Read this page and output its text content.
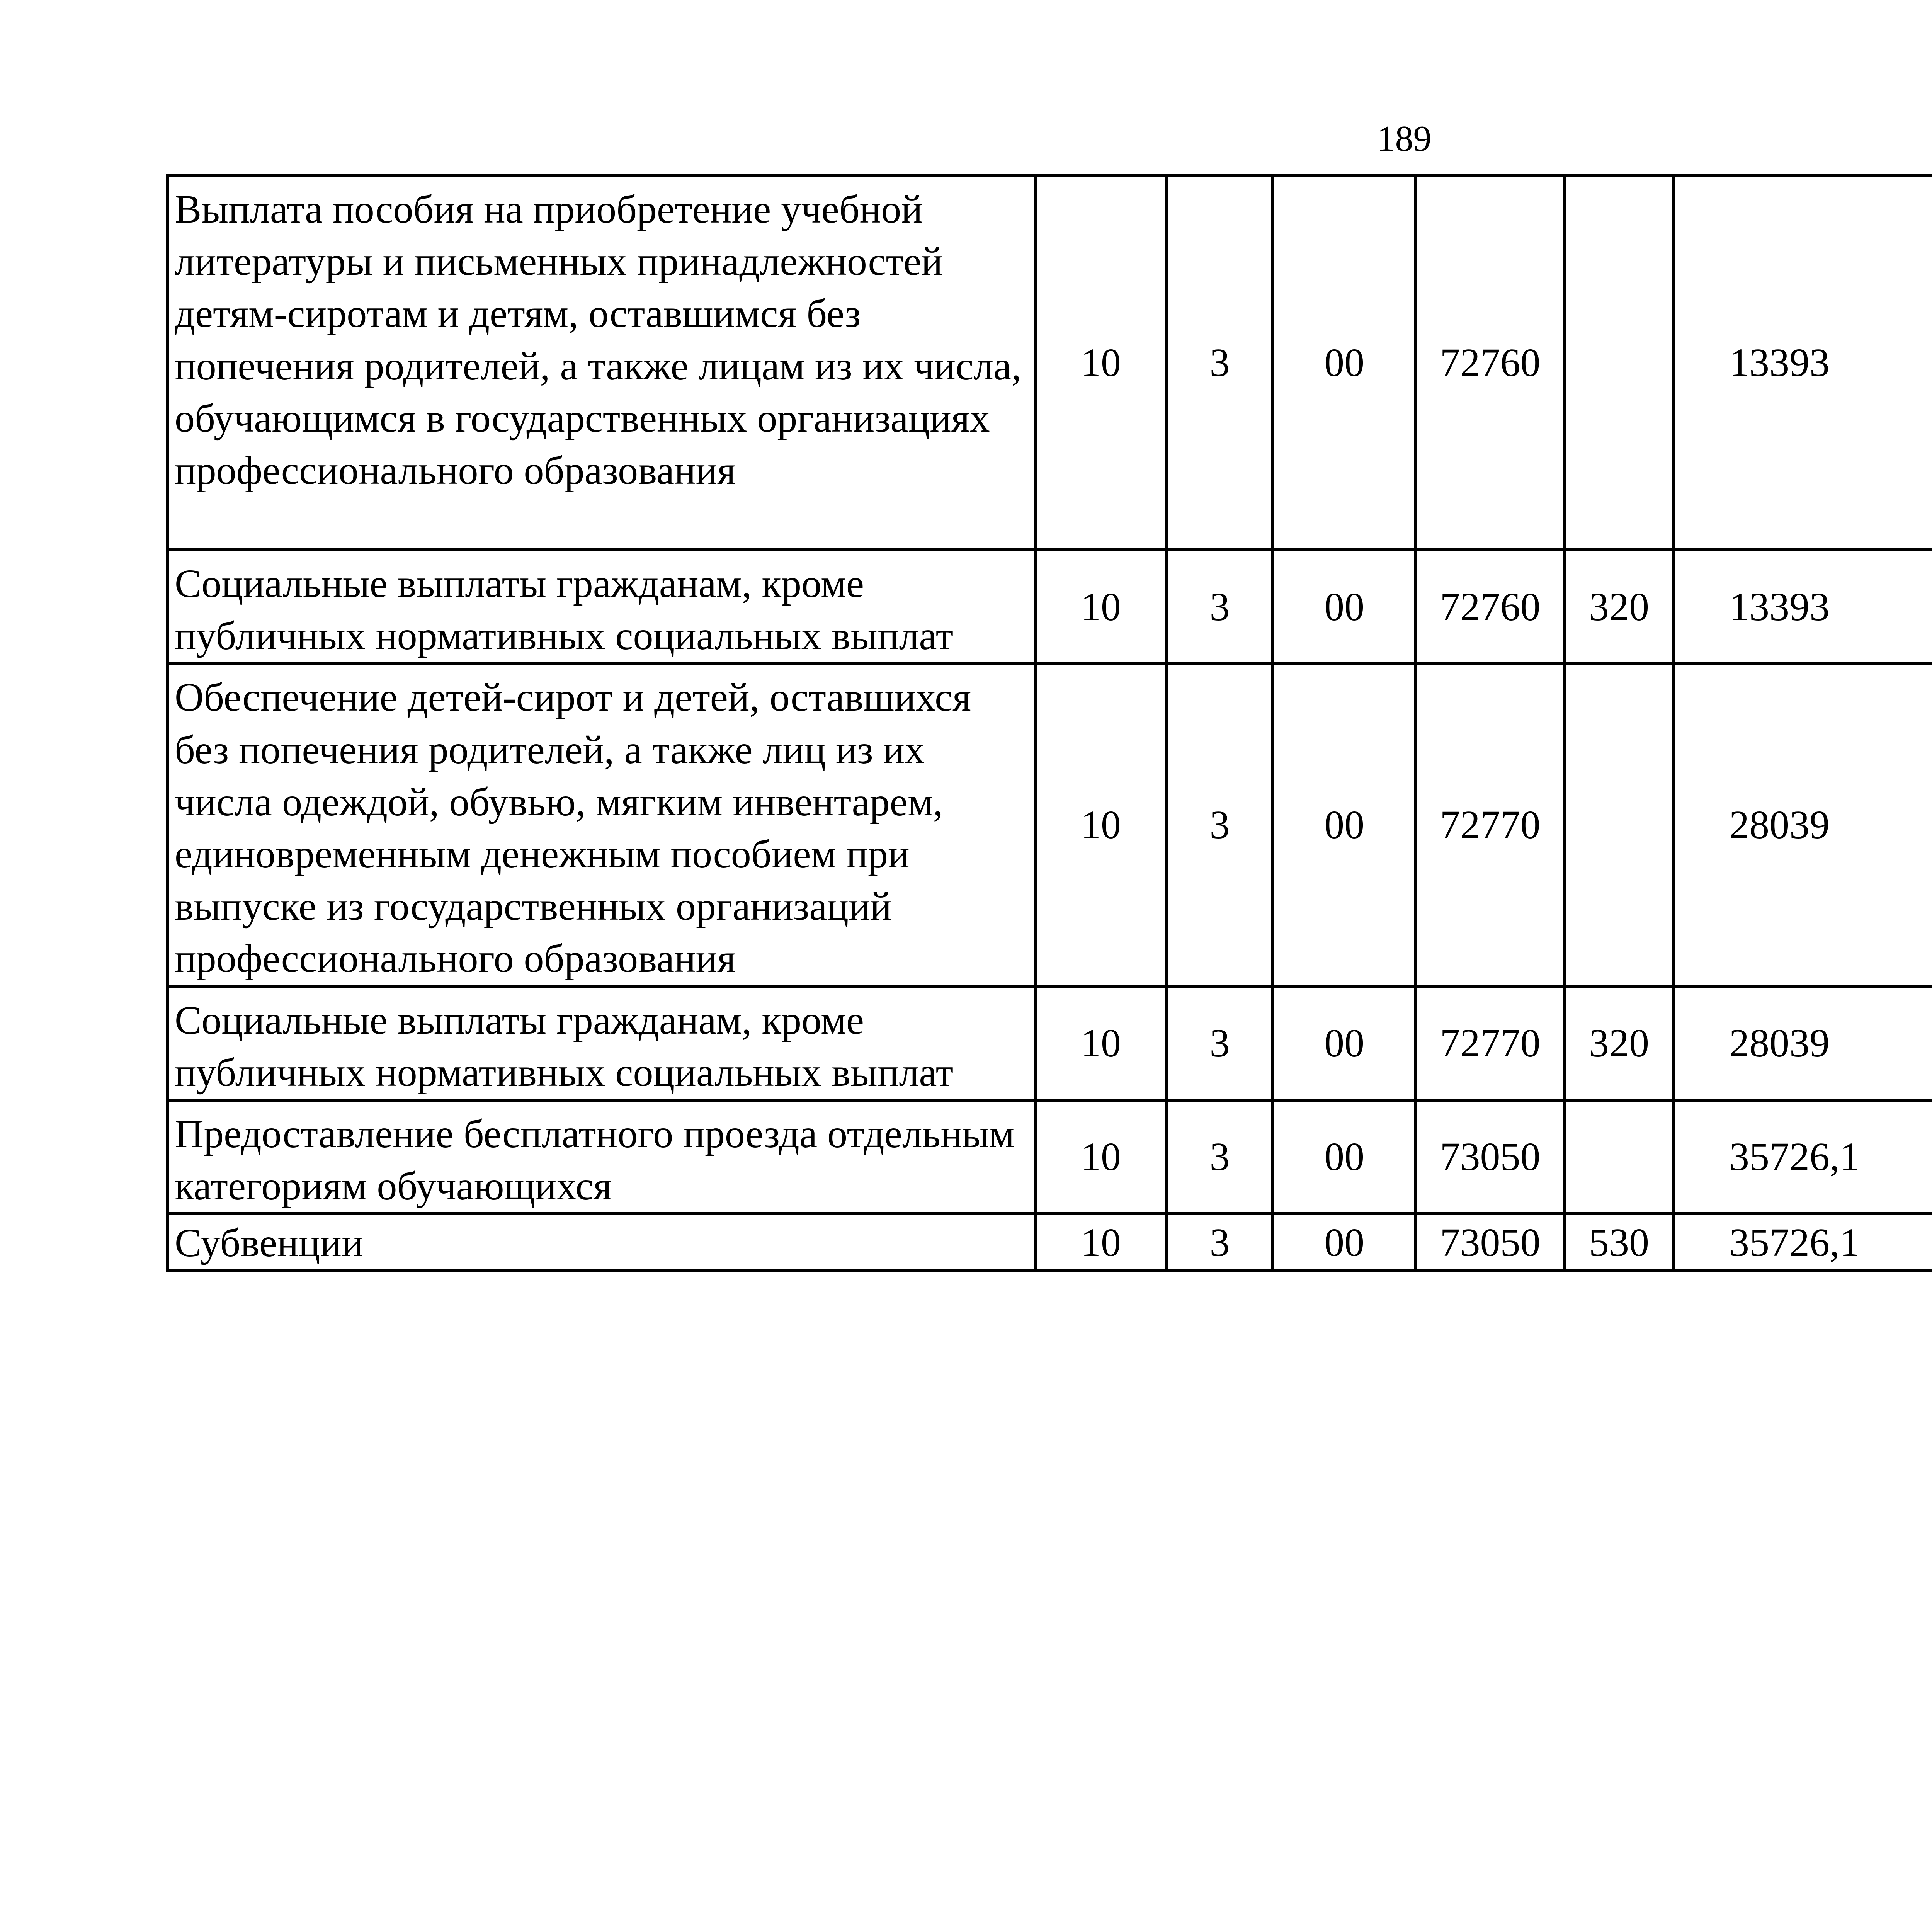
189
Выплата пособия на приобретение учебной литературы и письменных принадлежностей детям-сиротам и детям, оставшимся без попечения родителей, а также лицам из их числа, обучающимся в государственных организациях профессионального образования	10	3	00	72760		13393		
Социальные выплаты гражданам, кроме публичных нормативных социальных выплат	10	3	00	72760	320	13393		
Обеспечение детей-сирот и детей, оставшихся без попечения родителей, а также лиц из их числа одеждой, обувью, мягким инвентарем, единовременным денежным пособием при выпуске из государственных организаций профессионального образования	10	3	00	72770		28039		
Социальные выплаты гражданам, кроме публичных нормативных социальных выплат	10	3	00	72770	320	28039		
Предоставление бесплатного проезда отдельным категориям обучающихся	10	3	00	73050		35726,1		
Субвенции	10	3	00	73050	530	35726,1		
